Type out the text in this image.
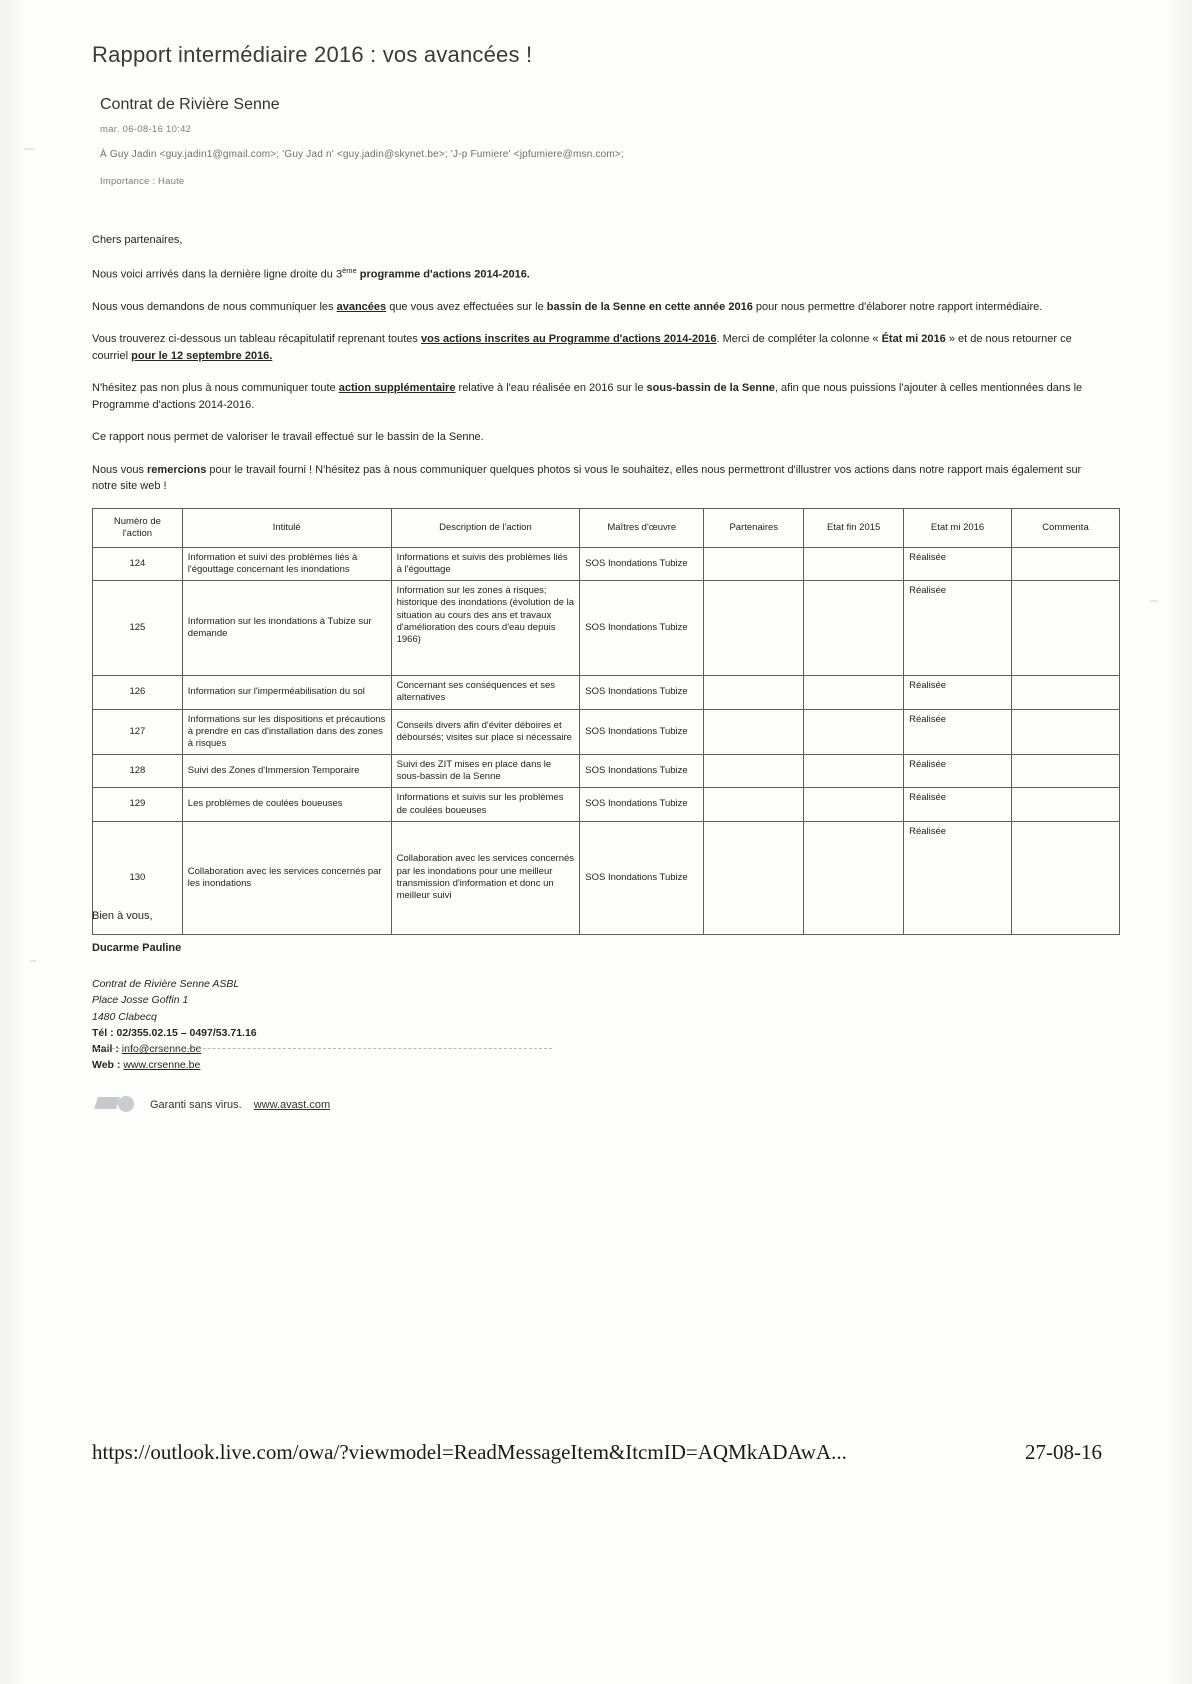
Rapport intermédiaire 2016 : vos avancées !
Contrat de Rivière Senne
mar. 06-08-16 10:42
À Guy Jadin <guy.jadin1@gmail.com>; 'Guy Jad n' <guy.jadin@skynet.be>; 'J-p Fumiere' <jpfumiere@msn.com>;
Importance : Haute

Chers partenaires,

Nous voici arrivés dans la dernière ligne droite du 3ème programme d'actions 2014-2016.

Nous vous demandons de nous communiquer les avancées que vous avez effectuées sur le bassin de la Senne en cette année 2016 pour nous permettre d'élaborer notre rapport intermédiaire.

Vous trouverez ci-dessous un tableau récapitulatif reprenant toutes vos actions inscrites au Programme d'actions 2014-2016. Merci de compléter la colonne « État mi 2016 » et de nous retourner ce courriel pour le 12 septembre 2016.

N'hésitez pas non plus à nous communiquer toute action supplémentaire relative à l'eau réalisée en 2016 sur le sous-bassin de la Senne, afin que nous puissions l'ajouter à celles mentionnées dans le Programme d'actions 2014-2016.

Ce rapport nous permet de valoriser le travail effectué sur le bassin de la Senne.

Nous vous remercions pour le travail fourni ! N'hésitez pas à nous communiquer quelques photos si vous le souhaitez, elles nous permettront d'illustrer vos actions dans notre rapport mais également sur notre site web !

Numéro de l'action	Intitulé	Description de l'action	Maîtres d'œuvre	Partenaires	Etat fin 2015	Etat mi 2016	Commenta
124	Information et suivi des problèmes liés à l'égouttage concernant les inondations	Informations et suivis des problèmes liés à l'égouttage	SOS Inondations Tubize			Réalisée	
125	Information sur les inondations à Tubize sur demande	Information sur les zones à risques; historique des inondations (évolution de la situation au cours des ans et travaux d'amélioration des cours d'eau depuis 1966)	SOS Inondations Tubize			Réalisée	
126	Information sur l'imperméabilisation du sol	Concernant ses conséquences et ses alternatives	SOS Inondations Tubize			Réalisée	
127	Informations sur les dispositions et précautions à prendre en cas d'installation dans des zones à risques	Conseils divers afin d'éviter déboires et déboursés; visites sur place si nécessaire	SOS Inondations Tubize			Réalisée	
128	Suivi des Zones d'Immersion Temporaire	Suivi des ZIT mises en place dans le sous-bassin de la Senne	SOS Inondations Tubize			Réalisée	
129	Les problèmes de coulées boueuses	Informations et suivis sur les problèmes de coulées boueuses	SOS Inondations Tubize			Réalisée	
130	Collaboration avec les services concernés par les inondations	Collaboration avec les services concernés par les inondations pour une meilleur transmission d'information et donc un meilleur suivi	SOS Inondations Tubize			Réalisée	
Bien à vous,
Ducarme Pauline
Contrat de Rivière Senne ASBL
Place Josse Goffin 1
1480 Clabecq
Tél : 02/355.02.15 – 0497/53.71.16
Mail : info@crsenne.be
Web : www.crsenne.be
Garanti sans virus. www.avast.com
https://outlook.live.com/owa/?viewmodel=ReadMessageItem&ItcmID=AQMkADAwA...	27-08-16
